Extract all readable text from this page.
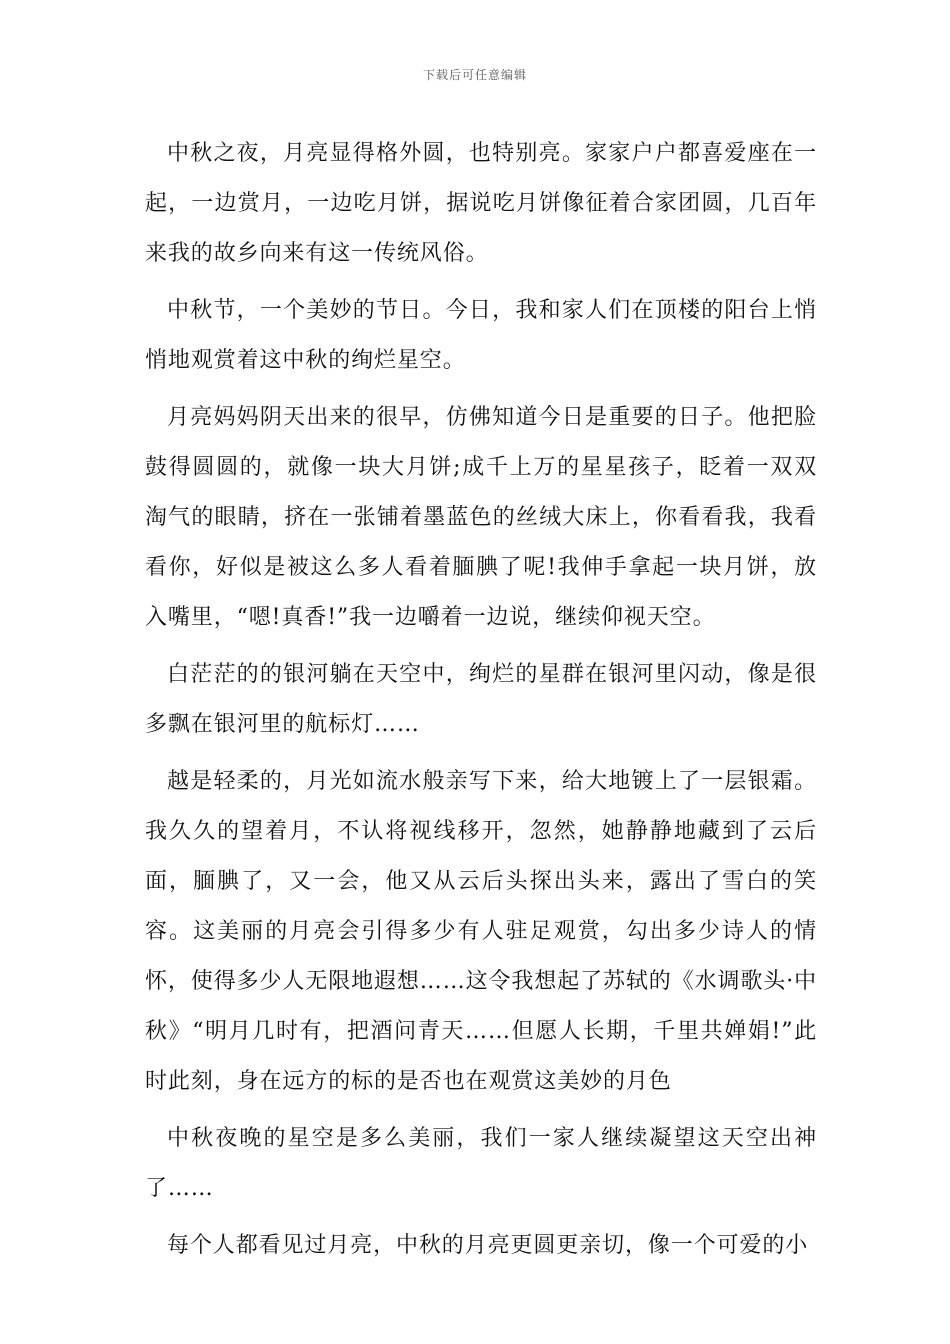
下载后可任意编辑

中秋之夜，月亮显得格外圆，也特别亮。家家户户都喜爱座在一起，一边赏月，一边吃月饼，据说吃月饼像征着合家团圆，几百年来我的故乡向来有这一传统风俗。

中秋节，一个美妙的节日。今日，我和家人们在顶楼的阳台上悄悄地观赏着这中秋的绚烂星空。

月亮妈妈阴天出来的很早，仿佛知道今日是重要的日子。他把脸鼓得圆圆的，就像一块大月饼;成千上万的星星孩子，眨着一双双淘气的眼睛，挤在一张铺着墨蓝色的丝绒大床上，你看看我，我看看你，好似是被这么多人看着腼腆了呢!我伸手拿起一块月饼，放入嘴里，“嗯!真香!”我一边嚼着一边说，继续仰视天空。

白茫茫的的银河躺在天空中，绚烂的星群在银河里闪动，像是很多飘在银河里的航标灯……

越是轻柔的，月光如流水般亲写下来，给大地镀上了一层银霜。我久久的望着月，不认将视线移开，忽然，她静静地藏到了云后面，腼腆了，又一会，他又从云后头探出头来，露出了雪白的笑容。这美丽的月亮会引得多少有人驻足观赏，勾出多少诗人的情怀，使得多少人无限地遐想……这令我想起了苏轼的《水调歌头·中秋》“明月几时有，把酒问青天……但愿人长期，千里共婵娟!”此时此刻，身在远方的标的是否也在观赏这美妙的月色

中秋夜晚的星空是多么美丽，我们一家人继续凝望这天空出神了……

每个人都看见过月亮，中秋的月亮更圆更亲切，像一个可爱的小
